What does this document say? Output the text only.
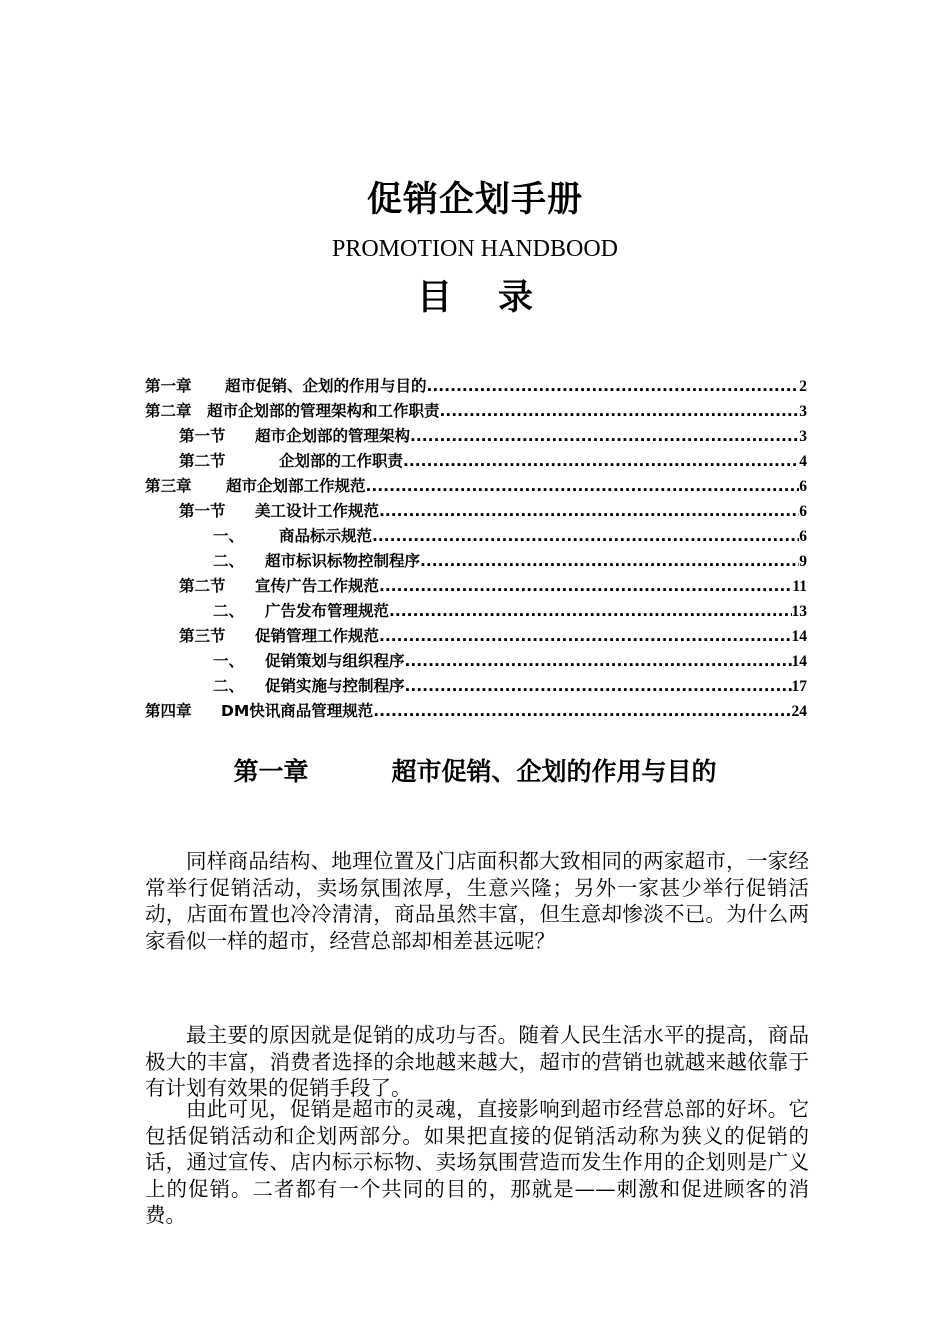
促销企划手册
PROMOTION HANDBOOD
目 录
第一章	超市促销、企划的作用与目的 .....	2
第二章 超市企划部的管理架构和工作职责 .....	3
第一节	超市企划部的管理架构 .....	3
第二节	企划部的工作职责 .....	4
第三章	超市企划部工作规范 .....	6
第一节	美工设计工作规范 .....	6
一、	商品标示规范 .....	6
二、	超市标识标物控制程序 .....	9
第二节	宣传广告工作规范 .....	11
二、	广告发布管理规范 .....	13
第三节	促销管理工作规范 .....	14
一、	促销策划与组织程序 .....	14
二、	促销实施与控制程序 .....	17
第四章	DM快讯商品管理规范 .....	24
第一章	超市促销、企划的作用与目的

同样商品结构、地理位置及门店面积都大致相同的两家超市，一家经常举行促销活动，卖场氛围浓厚，生意兴隆；另外一家甚少举行促销活动，店面布置也冷冷清清，商品虽然丰富，但生意却惨淡不已。为什么两家看似一样的超市，经营总部却相差甚远呢？

最主要的原因就是促销的成功与否。随着人民生活水平的提高，商品极大的丰富，消费者选择的余地越来越大，超市的营销也就越来越依靠于有计划有效果的促销手段了。

由此可见，促销是超市的灵魂，直接影响到超市经营总部的好坏。它包括促销活动和企划两部分。如果把直接的促销活动称为狭义的促销的话，通过宣传、店内标示标物、卖场氛围营造而发生作用的企划则是广义上的促销。二者都有一个共同的目的，那就是——刺激和促进顾客的消费。
